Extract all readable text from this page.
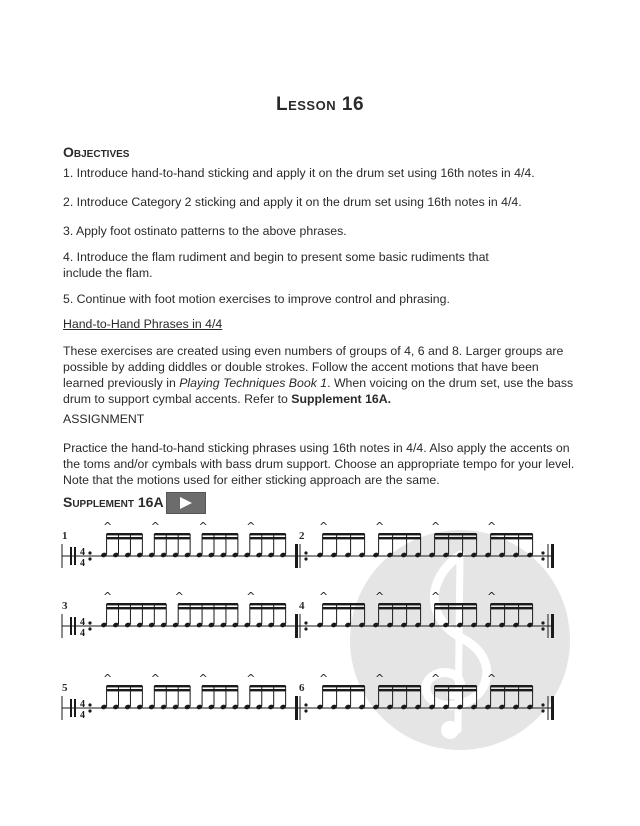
Lesson 16
Objectives

1. Introduce hand-to-hand sticking and apply it on the drum set using 16th notes in 4/4.

2. Introduce Category 2 sticking and apply it on the drum set using 16th notes in 4/4.

3. Apply foot ostinato patterns to the above phrases.

4. Introduce the flam rudiment and begin to present some basic rudiments that include the flam.

5. Continue with foot motion exercises to improve control and phrasing.

Hand-to-Hand Phrases in 4/4

These exercises are created using even numbers of groups of 4, 6 and 8. Larger groups are possible by adding diddles or double strokes. Follow the accent motions that have been learned previously in Playing Techniques Book 1. When voicing on the drum set, use the bass drum to support cymbal accents. Refer to Supplement 16A.

ASSIGNMENT

Practice the hand-to-hand sticking phrases using 16th notes in 4/4. Also apply the accents on the toms and/or cymbals with bass drum support. Choose an appropriate tempo for your level. Note that the motions used for either sticking approach are the same.

Supplement 16A
4
4
^	^	^	^	^	^	^	^
4
4
^	^	^	^	^	^	^
4
4
^	^	^	^	^	^	^	^
1	2
3	4
5	6
